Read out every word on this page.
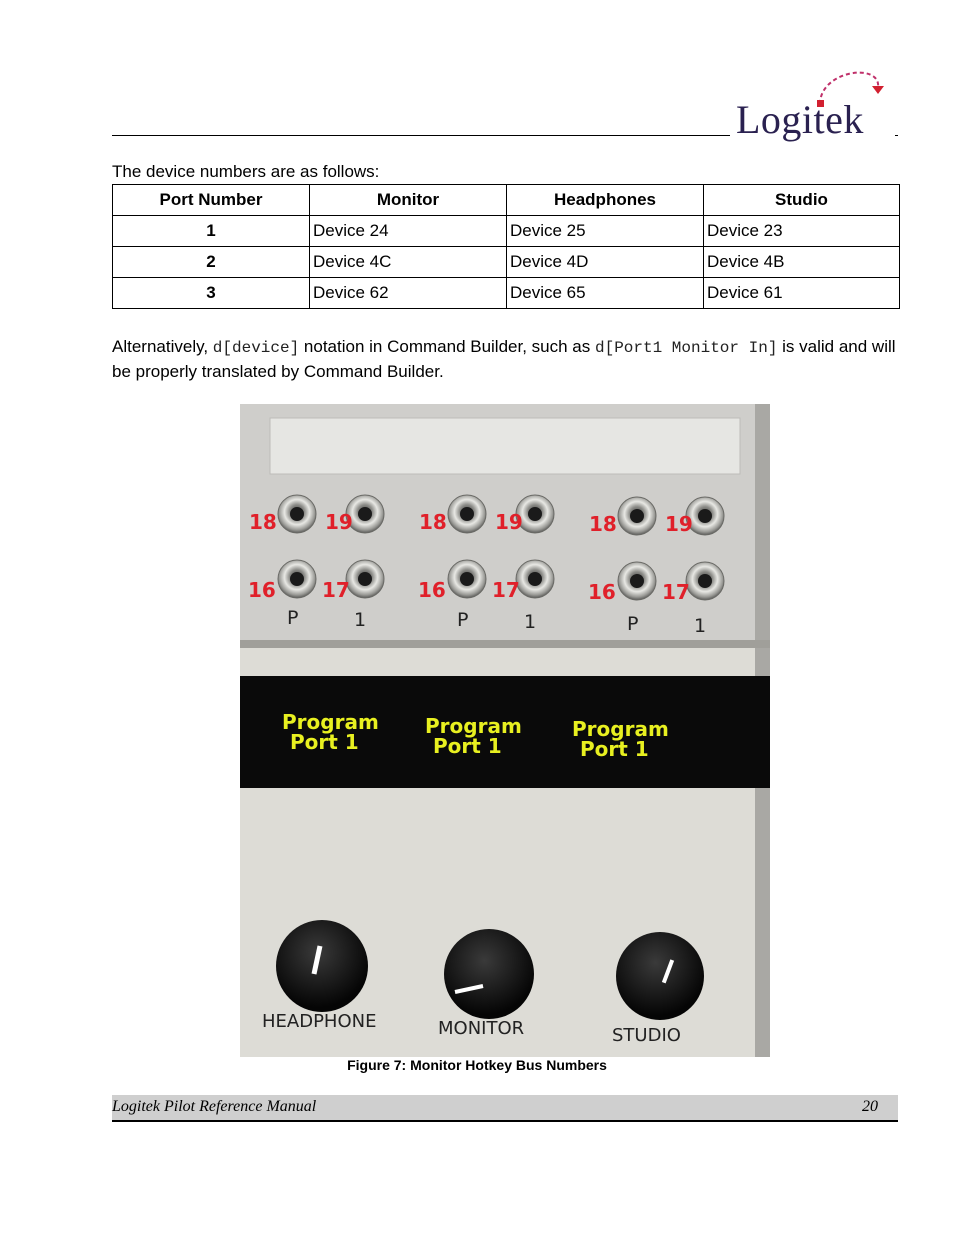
Logitek
The device numbers are as follows:
Port Number	Monitor	Headphones	Studio
1	Device 24	Device 25	Device 23
2	Device 4C	Device 4D	Device 4B
3	Device 62	Device 65	Device 61
Alternatively, d[device] notation in Command Builder, such as d[Port1 Monitor In] is valid and will be properly translated by Command Builder.
18 19
16 17
P	1
18 19
16 17
P	1
18 19
16 17
P	1
Program
Port 1
Program
Port 1
Program
Port 1
HEADPHONE	MONITOR	STUDIO
Figure 7: Monitor Hotkey Bus Numbers
Logitek Pilot Reference Manual	20
